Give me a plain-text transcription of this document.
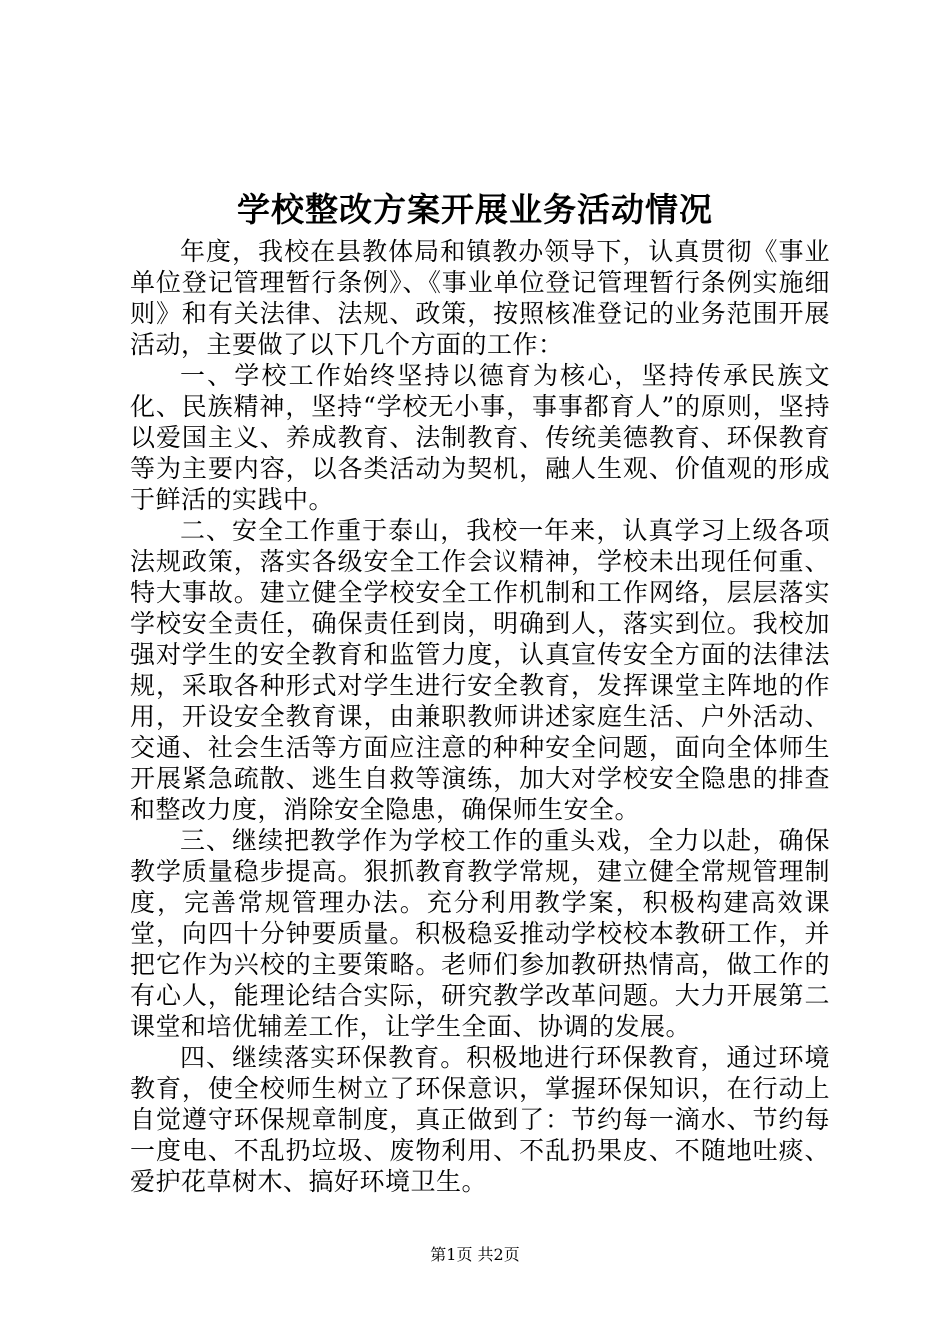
学校整改方案开展业务活动情况

年度，我校在县教体局和镇教办领导下，认真贯彻《事业单位登记管理暂行条例》、《事业单位登记管理暂行条例实施细则》和有关法律、法规、政策，按照核准登记的业务范围开展活动，主要做了以下几个方面的工作：

一、学校工作始终坚持以德育为核心，坚持传承民族文化、民族精神，坚持“学校无小事，事事都育人”的原则，坚持以爱国主义、养成教育、法制教育、传统美德教育、环保教育等为主要内容，以各类活动为契机，融人生观、价值观的形成于鲜活的实践中。

二、安全工作重于泰山，我校一年来，认真学习上级各项法规政策，落实各级安全工作会议精神，学校未出现任何重、特大事故。建立健全学校安全工作机制和工作网络，层层落实学校安全责任，确保责任到岗，明确到人，落实到位。我校加强对学生的安全教育和监管力度，认真宣传安全方面的法律法规，采取各种形式对学生进行安全教育，发挥课堂主阵地的作用，开设安全教育课，由兼职教师讲述家庭生活、户外活动、交通、社会生活等方面应注意的种种安全问题，面向全体师生开展紧急疏散、逃生自救等演练，加大对学校安全隐患的排查和整改力度，消除安全隐患，确保师生安全。

三、继续把教学作为学校工作的重头戏，全力以赴，确保教学质量稳步提高。狠抓教育教学常规，建立健全常规管理制度，完善常规管理办法。充分利用教学案，积极构建高效课堂，向四十分钟要质量。积极稳妥推动学校校本教研工作，并把它作为兴校的主要策略。老师们参加教研热情高，做工作的有心人，能理论结合实际，研究教学改革问题。大力开展第二课堂和培优辅差工作，让学生全面、协调的发展。

四、继续落实环保教育。积极地进行环保教育，通过环境教育，使全校师生树立了环保意识，掌握环保知识，在行动上自觉遵守环保规章制度，真正做到了：节约每一滴水、节约每一度电、不乱扔垃圾、废物利用、不乱扔果皮、不随地吐痰、爱护花草树木、搞好环境卫生。

第1页 共2页
